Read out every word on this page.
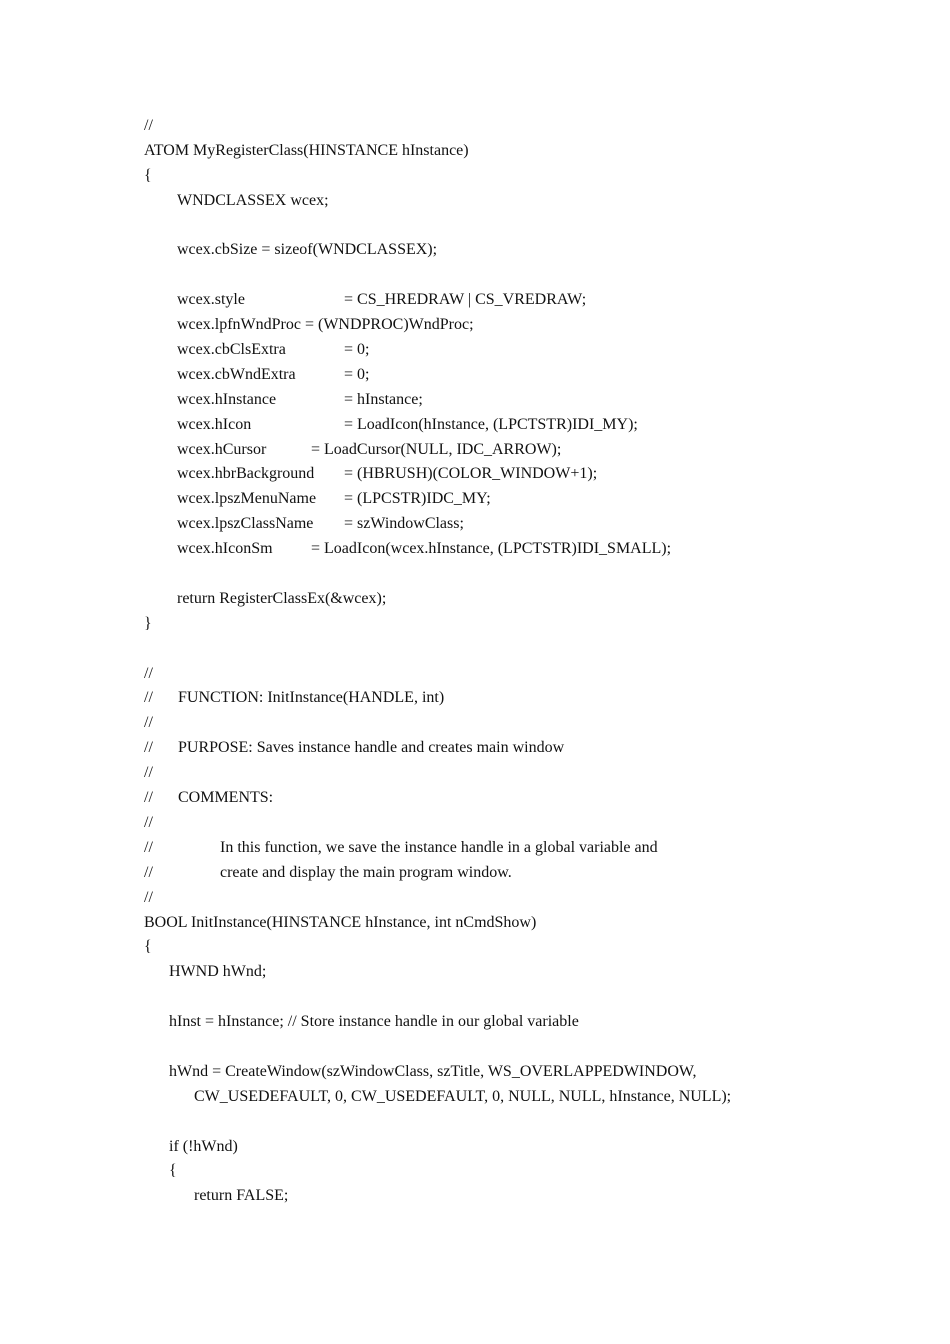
//
ATOM MyRegisterClass(HINSTANCE hInstance)
{
WNDCLASSEX wcex;
wcex.cbSize = sizeof(WNDCLASSEX);
wcex.style	= CS_HREDRAW | CS_VREDRAW;
wcex.lpfnWndProc = (WNDPROC)WndProc;
wcex.cbClsExtra	= 0;
wcex.cbWndExtra	= 0;
wcex.hInstance	= hInstance;
wcex.hIcon	= LoadIcon(hInstance, (LPCTSTR)IDI_MY);
wcex.hCursor	= LoadCursor(NULL, IDC_ARROW);
wcex.hbrBackground = (HBRUSH)(COLOR_WINDOW+1);
wcex.lpszMenuName = (LPCSTR)IDC_MY;
wcex.lpszClassName = szWindowClass;
wcex.hIconSm = LoadIcon(wcex.hInstance, (LPCTSTR)IDI_SMALL);
return RegisterClassEx(&wcex);
}
//
// FUNCTION: InitInstance(HANDLE, int)
//
// PURPOSE: Saves instance handle and creates main window
//
// COMMENTS:
//
//	In this function, we save the instance handle in a global variable and
//	create and display the main program window.
//
BOOL InitInstance(HINSTANCE hInstance, int nCmdShow)
{
HWND hWnd;
hInst = hInstance; // Store instance handle in our global variable
hWnd = CreateWindow(szWindowClass, szTitle, WS_OVERLAPPEDWINDOW,
CW_USEDEFAULT, 0, CW_USEDEFAULT, 0, NULL, NULL, hInstance, NULL);
if (!hWnd)
{
return FALSE;
